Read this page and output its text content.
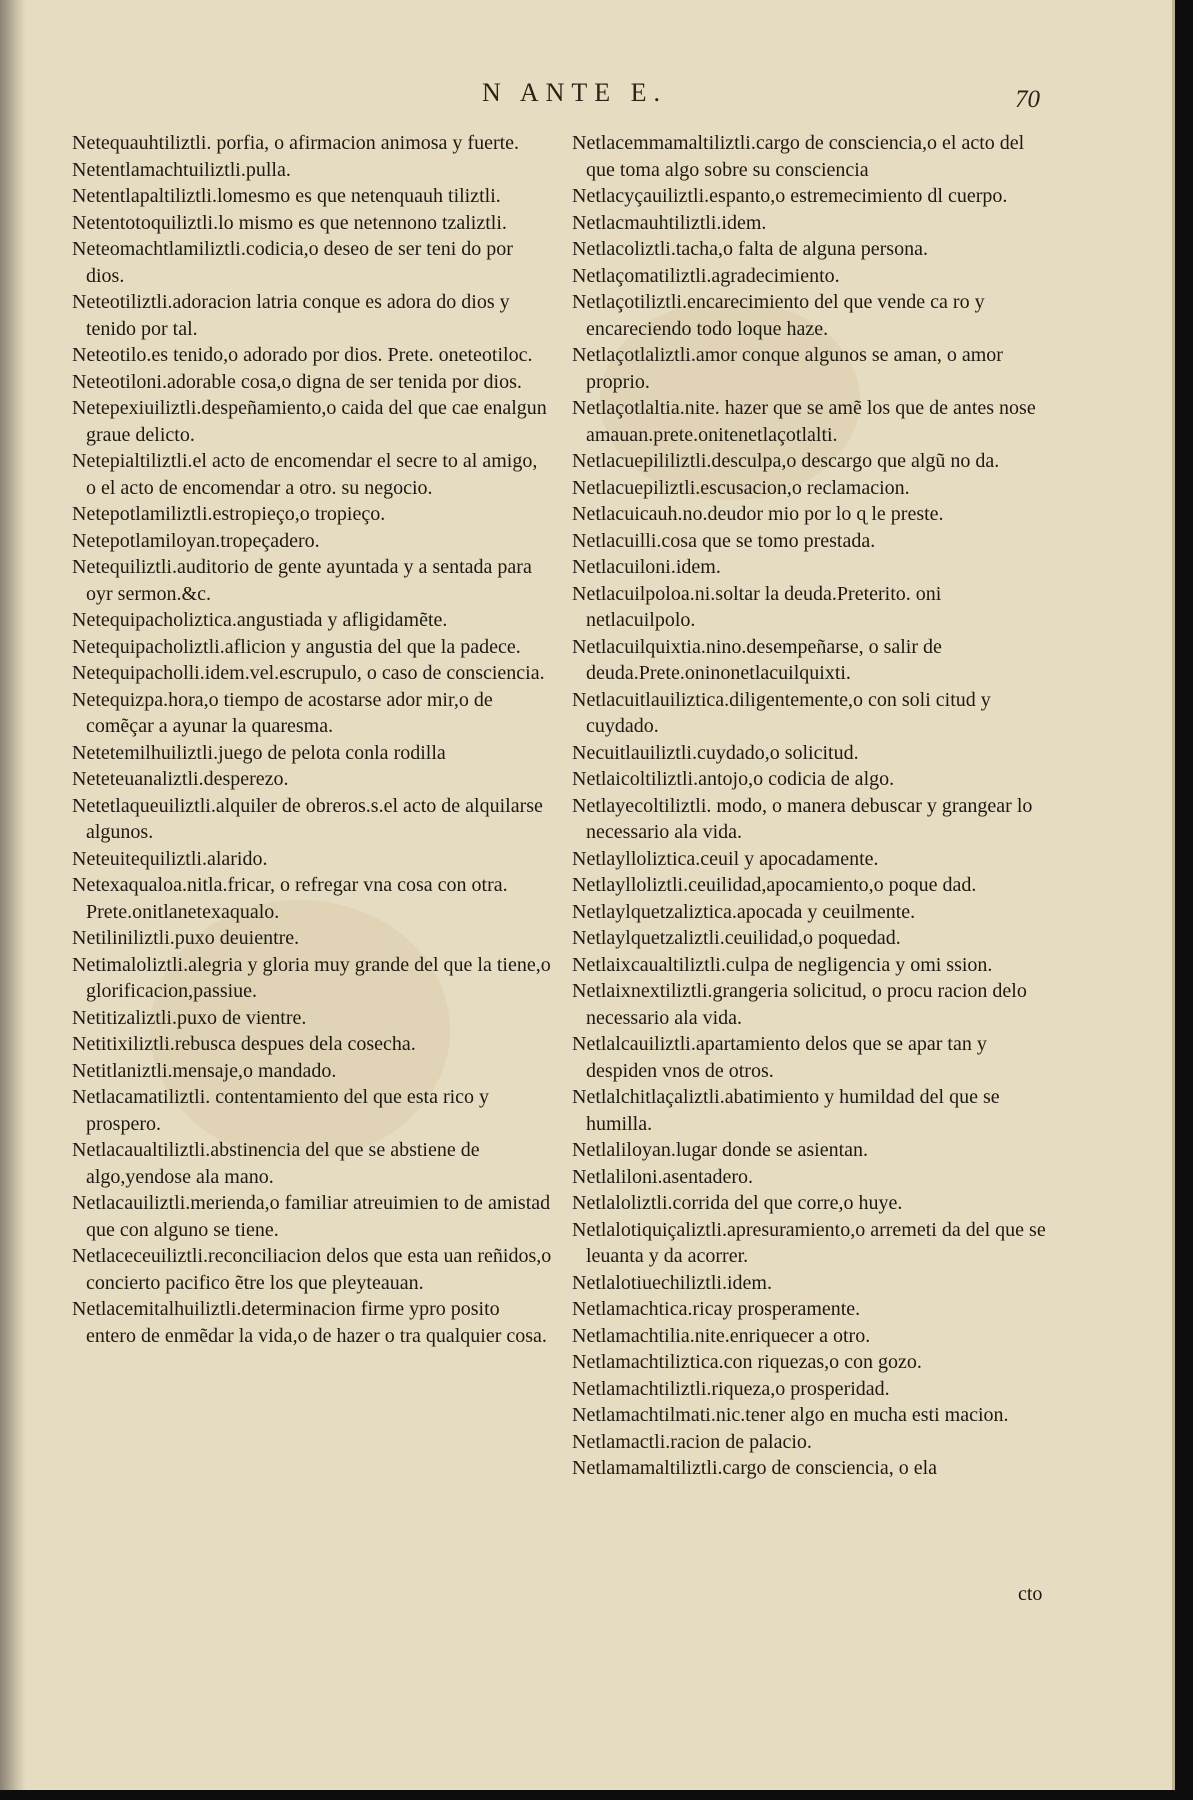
N ANTE E.	70

Netequauhtiliztli. porfia, o afirmacion animosa y fuerte.

Netentlamachtuiliztli.pulla.

Netentlapaltiliztli.lomesmo es que netenquauh tiliztli.

Netentotoquiliztli.lo mismo es que netennono tzaliztli.

Neteomachtlamiliztli.codicia,o deseo de ser teni do por dios.

Neteotiliztli.adoracion latria conque es adora do dios y tenido por tal.

Neteotilo.es tenido,o adorado por dios. Prete. oneteotiloc.

Neteotiloni.adorable cosa,o digna de ser tenida por dios.

Netepexiuiliztli.despeñamiento,o caida del que cae enalgun graue delicto.

Netepialtiliztli.el acto de encomendar el secre to al amigo, o el acto de encomendar a otro. su negocio.

Netepotlamiliztli.estropieço,o tropieço.

Netepotlamiloyan.tropeçadero.

Netequiliztli.auditorio de gente ayuntada y a sentada para oyr sermon.&c.

Netequipacholiztica.angustiada y afligidamẽte.

Netequipacholiztli.aflicion y angustia del que la padece.

Netequipacholli.idem.vel.escrupulo, o caso de consciencia.

Netequizpa.hora,o tiempo de acostarse ador mir,o de comẽçar a ayunar la quaresma.

Netetemilhuiliztli.juego de pelota conla rodilla

Neteteuanaliztli.desperezo.

Netetlaqueuiliztli.alquiler de obreros.s.el acto de alquilarse algunos.

Neteuitequiliztli.alarido.

Netexaqualoa.nitla.fricar, o refregar vna cosa con otra. Prete.onitlanetexaqualo.

Netiliniliztli.puxo deuientre.

Netimaloliztli.alegria y gloria muy grande del que la tiene,o glorificacion,passiue.

Netitizaliztli.puxo de vientre.

Netitixiliztli.rebusca despues dela cosecha.

Netitlaniztli.mensaje,o mandado.

Netlacamatiliztli. contentamiento del que esta rico y prospero.

Netlacaualtiliztli.abstinencia del que se abstiene de algo,yendose ala mano.

Netlacauiliztli.merienda,o familiar atreuimien to de amistad que con alguno se tiene.

Netlaceceuiliztli.reconciliacion delos que esta uan reñidos,o concierto pacifico ẽtre los que pleyteauan.

Netlacemitalhuiliztli.determinacion firme ypro posito entero de enmẽdar la vida,o de hazer o tra qualquier cosa.

Netlacemmamaltiliztli.cargo de consciencia,o el acto del que toma algo sobre su consciencia

Netlacyçauiliztli.espanto,o estremecimiento dl cuerpo.

Netlacmauhtiliztli.idem.

Netlacoliztli.tacha,o falta de alguna persona.

Netlaçomatiliztli.agradecimiento.

Netlaçotiliztli.encarecimiento del que vende ca ro y encareciendo todo loque haze.

Netlaçotlaliztli.amor conque algunos se aman, o amor proprio.

Netlaçotlaltia.nite. hazer que se amẽ los que de antes nose amauan.prete.onitenetlaçotlalti.

Netlacuepililiztli.desculpa,o descargo que algũ no da.

Netlacuepiliztli.escusacion,o reclamacion.

Netlacuicauh.no.deudor mio por lo ɋ le preste.

Netlacuilli.cosa que se tomo prestada.

Netlacuiloni.idem.

Netlacuilpoloa.ni.soltar la deuda.Preterito. oni netlacuilpolo.

Netlacuilquixtia.nino.desempeñarse, o salir de deuda.Prete.oninonetlacuilquixti.

Netlacuitlauiliztica.diligentemente,o con soli citud y cuydado.

Necuitlauiliztli.cuydado,o solicitud.

Netlaicoltiliztli.antojo,o codicia de algo.

Netlayecoltiliztli. modo, o manera debuscar y grangear lo necessario ala vida.

Netlaylloliztica.ceuil y apocadamente.

Netlaylloliztli.ceuilidad,apocamiento,o poque dad.

Netlaylquetzaliztica.apocada y ceuilmente.

Netlaylquetzaliztli.ceuilidad,o poquedad.

Netlaixcaualtiliztli.culpa de negligencia y omi ssion.

Netlaixnextiliztli.grangeria solicitud, o procu racion delo necessario ala vida.

Netlalcauiliztli.apartamiento delos que se apar tan y despiden vnos de otros.

Netlalchitlaçaliztli.abatimiento y humildad del que se humilla.

Netlaliloyan.lugar donde se asientan.

Netlaliloni.asentadero.

Netlaloliztli.corrida del que corre,o huye.

Netlalotiquiçaliztli.apresuramiento,o arremeti da del que se leuanta y da acorrer.

Netlalotiuechiliztli.idem.

Netlamachtica.ricay prosperamente.

Netlamachtilia.nite.enriquecer a otro.

Netlamachtiliztica.con riquezas,o con gozo.

Netlamachtiliztli.riqueza,o prosperidad.

Netlamachtilmati.nic.tener algo en mucha esti macion.

Netlamactli.racion de palacio.

Netlamamaltiliztli.cargo de consciencia, o ela

cto
